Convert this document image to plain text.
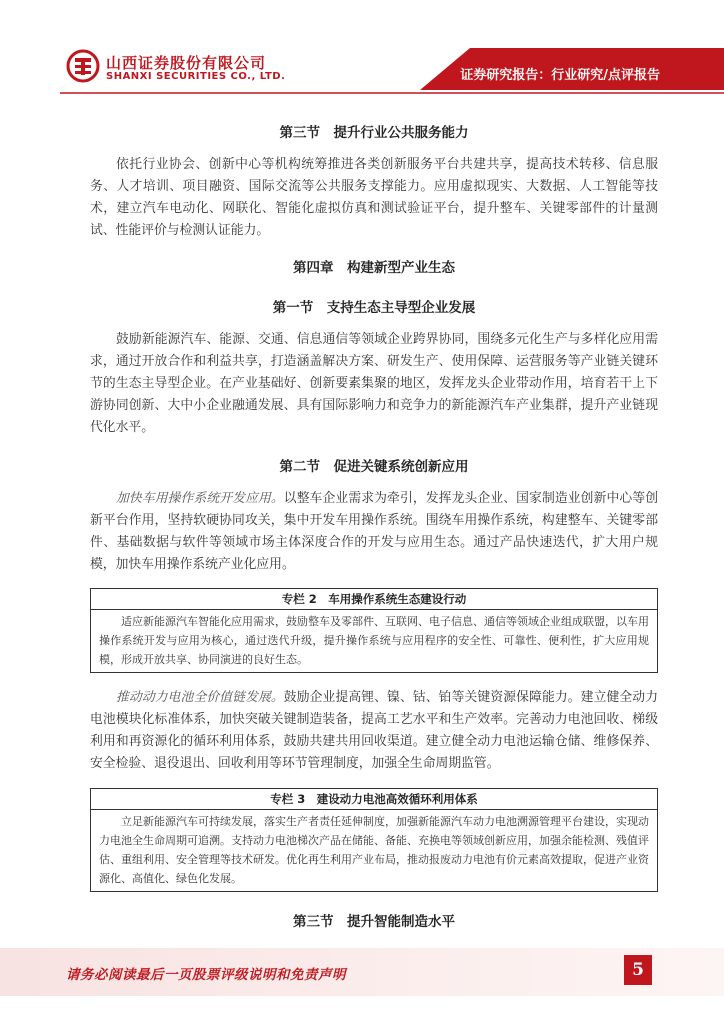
山西证券股份有限公司
SHANXI SECURITIES CO., LTD.	证券研究报告：行业研究/点评报告
第三节　提升行业公共服务能力

依托行业协会、创新中心等机构统筹推进各类创新服务平台共建共享，提高技术转移、信息服务、人才培训、项目融资、国际交流等公共服务支撑能力。应用虚拟现实、大数据、人工智能等技术，建立汽车电动化、网联化、智能化虚拟仿真和测试验证平台，提升整车、关键零部件的计量测试、性能评价与检测认证能力。

第四章　构建新型产业生态
第一节　支持生态主导型企业发展

鼓励新能源汽车、能源、交通、信息通信等领域企业跨界协同，围绕多元化生产与多样化应用需求，通过开放合作和利益共享，打造涵盖解决方案、研发生产、使用保障、运营服务等产业链关键环节的生态主导型企业。在产业基础好、创新要素集聚的地区，发挥龙头企业带动作用，培育若干上下游协同创新、大中小企业融通发展、具有国际影响力和竞争力的新能源汽车产业集群，提升产业链现代化水平。

第二节　促进关键系统创新应用

加快车用操作系统开发应用。以整车企业需求为牵引，发挥龙头企业、国家制造业创新中心等创新平台作用，坚持软硬协同攻关，集中开发车用操作系统。围绕车用操作系统，构建整车、关键零部件、基础数据与软件等领域市场主体深度合作的开发与应用生态。通过产品快速迭代，扩大用户规模，加快车用操作系统产业化应用。

专栏 2　车用操作系统生态建设行动
适应新能源汽车智能化应用需求，鼓励整车及零部件、互联网、电子信息、通信等领域企业组成联盟，以车用操作系统开发与应用为核心，通过迭代升级，提升操作系统与应用程序的安全性、可靠性、便利性，扩大应用规模，形成开放共享、协同演进的良好生态。

推动动力电池全价值链发展。鼓励企业提高锂、镍、钴、铂等关键资源保障能力。建立健全动力电池模块化标准体系，加快突破关键制造装备，提高工艺水平和生产效率。完善动力电池回收、梯级利用和再资源化的循环利用体系，鼓励共建共用回收渠道。建立健全动力电池运输仓储、维修保养、安全检验、退役退出、回收利用等环节管理制度，加强全生命周期监管。

专栏 3　建设动力电池高效循环利用体系
立足新能源汽车可持续发展，落实生产者责任延伸制度，加强新能源汽车动力电池溯源管理平台建设，实现动力电池全生命周期可追溯。支持动力电池梯次产品在储能、备能、充换电等领域创新应用，加强余能检测、残值评估、重组利用、安全管理等技术研发。优化再生利用产业布局，推动报废动力电池有价元素高效提取，促进产业资源化、高值化、绿色化发展。
第三节　提升智能制造水平
请务必阅读最后一页股票评级说明和免责声明	5
